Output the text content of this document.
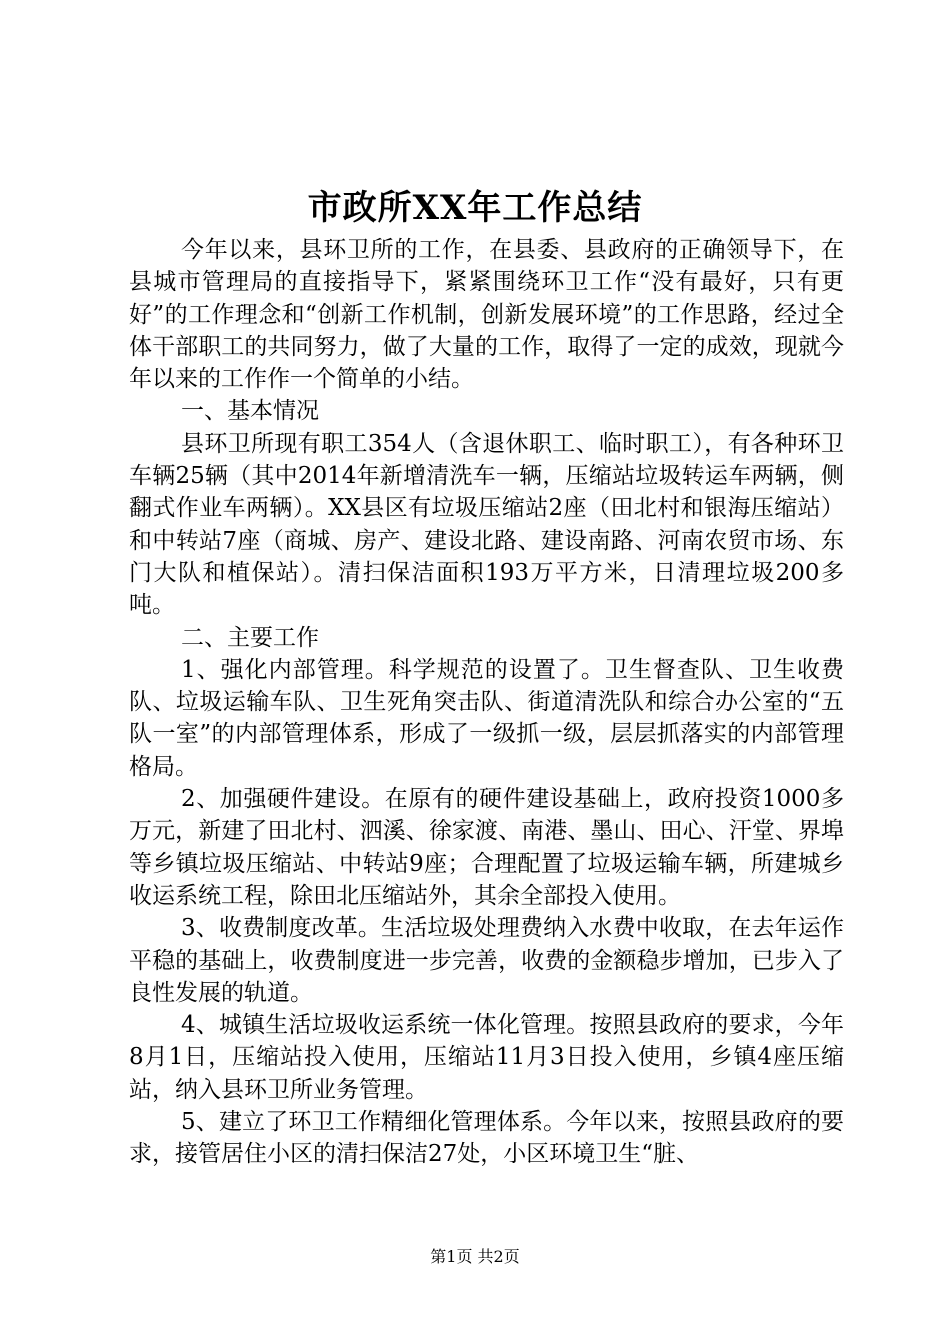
市政所XX年工作总结

今年以来，县环卫所的工作，在县委、县政府的正确领导下，在县城市管理局的直接指导下，紧紧围绕环卫工作“没有最好，只有更好”的工作理念和“创新工作机制，创新发展环境”的工作思路，经过全体干部职工的共同努力，做了大量的工作，取得了一定的成效，现就今年以来的工作作一个简单的小结。

一、基本情况

县环卫所现有职工354人（含退休职工、临时职工），有各种环卫车辆25辆（其中2014年新增清洗车一辆，压缩站垃圾转运车两辆，侧翻式作业车两辆）。XX县区有垃圾压缩站2座（田北村和银海压缩站）和中转站7座（商城、房产、建设北路、建设南路、河南农贸市场、东门大队和植保站）。清扫保洁面积193万平方米，日清理垃圾200多吨。

二、主要工作

1、强化内部管理。科学规范的设置了。卫生督查队、卫生收费队、垃圾运输车队、卫生死角突击队、街道清洗队和综合办公室的“五队一室”的内部管理体系，形成了一级抓一级，层层抓落实的内部管理格局。

2、加强硬件建设。在原有的硬件建设基础上，政府投资1000多万元，新建了田北村、泗溪、徐家渡、南港、墨山、田心、汗堂、界埠等乡镇垃圾压缩站、中转站9座；合理配置了垃圾运输车辆，所建城乡收运系统工程，除田北压缩站外，其余全部投入使用。

3、收费制度改革。生活垃圾处理费纳入水费中收取，在去年运作平稳的基础上，收费制度进一步完善，收费的金额稳步增加，已步入了良性发展的轨道。

4、城镇生活垃圾收运系统一体化管理。按照县政府的要求，今年8月1日，压缩站投入使用，压缩站11月3日投入使用，乡镇4座压缩站，纳入县环卫所业务管理。

5、建立了环卫工作精细化管理体系。今年以来，按照县政府的要求，接管居住小区的清扫保洁27处，小区环境卫生“脏、

第1页 共2页
